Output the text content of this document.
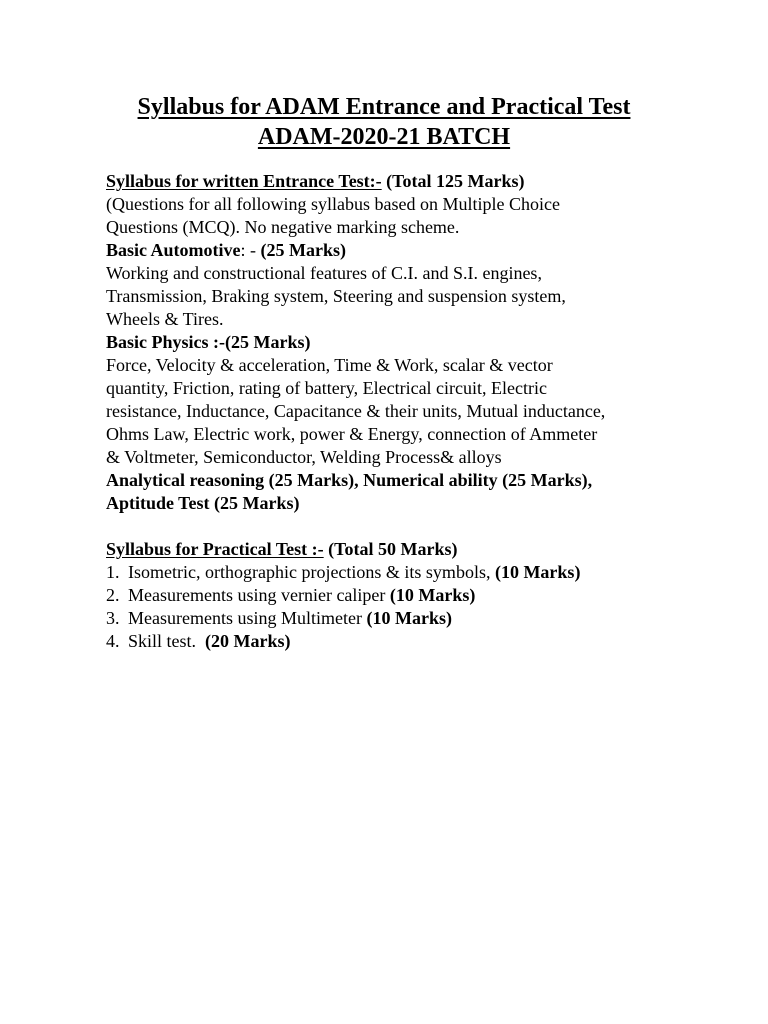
Syllabus for ADAM Entrance and Practical Test
ADAM-2020-21 BATCH
Syllabus for written Entrance Test:- (Total 125 Marks)
(Questions for all following syllabus based on Multiple Choice
Questions (MCQ). No negative marking scheme.
Basic Automotive: - (25 Marks)
Working and constructional features of C.I. and S.I. engines,
Transmission, Braking system, Steering and suspension system,
Wheels & Tires.
Basic Physics :-(25 Marks)
Force, Velocity & acceleration, Time & Work, scalar & vector
quantity, Friction, rating of battery, Electrical circuit, Electric
resistance, Inductance, Capacitance & their units, Mutual inductance,
Ohms Law, Electric work, power & Energy, connection of Ammeter
& Voltmeter, Semiconductor, Welding Process& alloys
Analytical reasoning (25 Marks), Numerical ability (25 Marks),
Aptitude Test (25 Marks)
Syllabus for Practical Test :- (Total 50 Marks)
1. Isometric, orthographic projections & its symbols, (10 Marks)
2. Measurements using vernier caliper (10 Marks)
3. Measurements using Multimeter (10 Marks)
4. Skill test.  (20 Marks)
